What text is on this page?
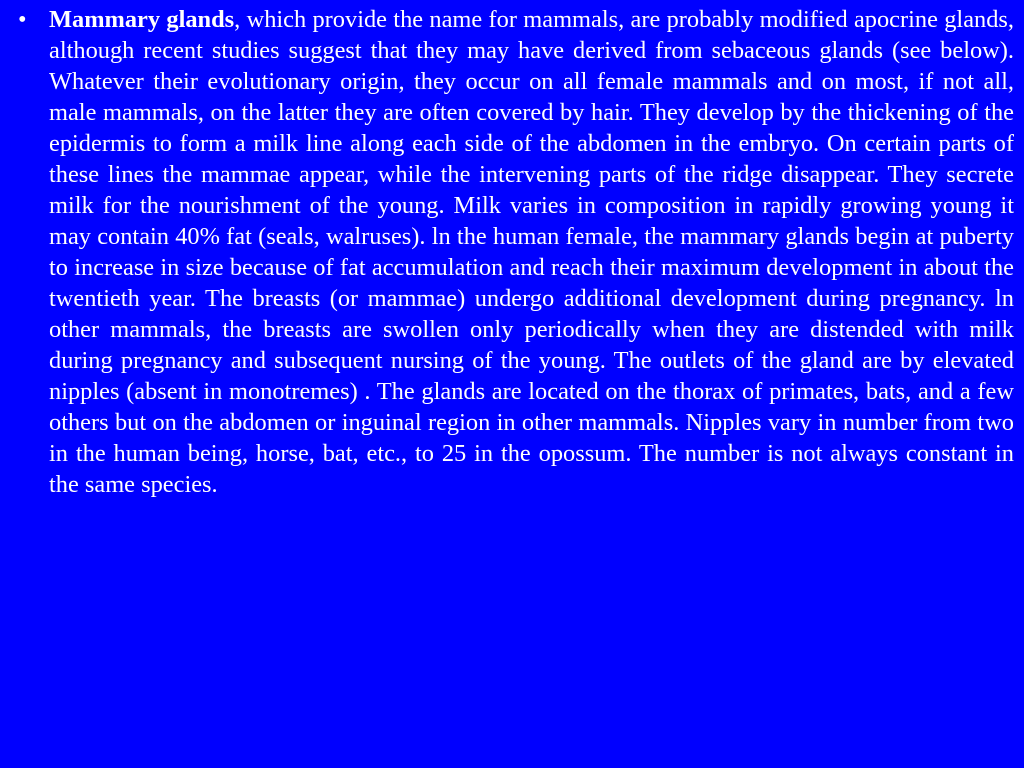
• Mammary glands, which provide the name for mammals, are probably modified apocrine glands, although recent studies suggest that they may have derived from sebaceous glands (see below). Whatever their evolutionary origin, they occur on all female mammals and on most, if not all, male mammals, on the latter they are often covered by hair. They develop by the thickening of the epidermis to form a milk line along each side of the abdomen in the embryo. On certain parts of these lines the mammae appear, while the intervening parts of the ridge disappear. They secrete milk for the nourishment of the young. Milk varies in composition in rapidly growing young it may contain 40% fat (seals, walruses). ln the human female, the mammary glands begin at puberty to increase in size because of fat accumulation and reach their maximum development in about the twentieth year. The breasts (or mammae) undergo additional development during pregnancy. ln other mammals, the breasts are swollen only periodically when they are distended with milk during pregnancy and subsequent nursing of the young. The outlets of the gland are by elevated nipples (absent in monotremes) . The glands are located on the thorax of primates, bats, and a few others but on the abdomen or inguinal region in other mammals. Nipples vary in number from two in the human being, horse, bat, etc., to 25 in the opossum. The number is not always constant in the same species.
